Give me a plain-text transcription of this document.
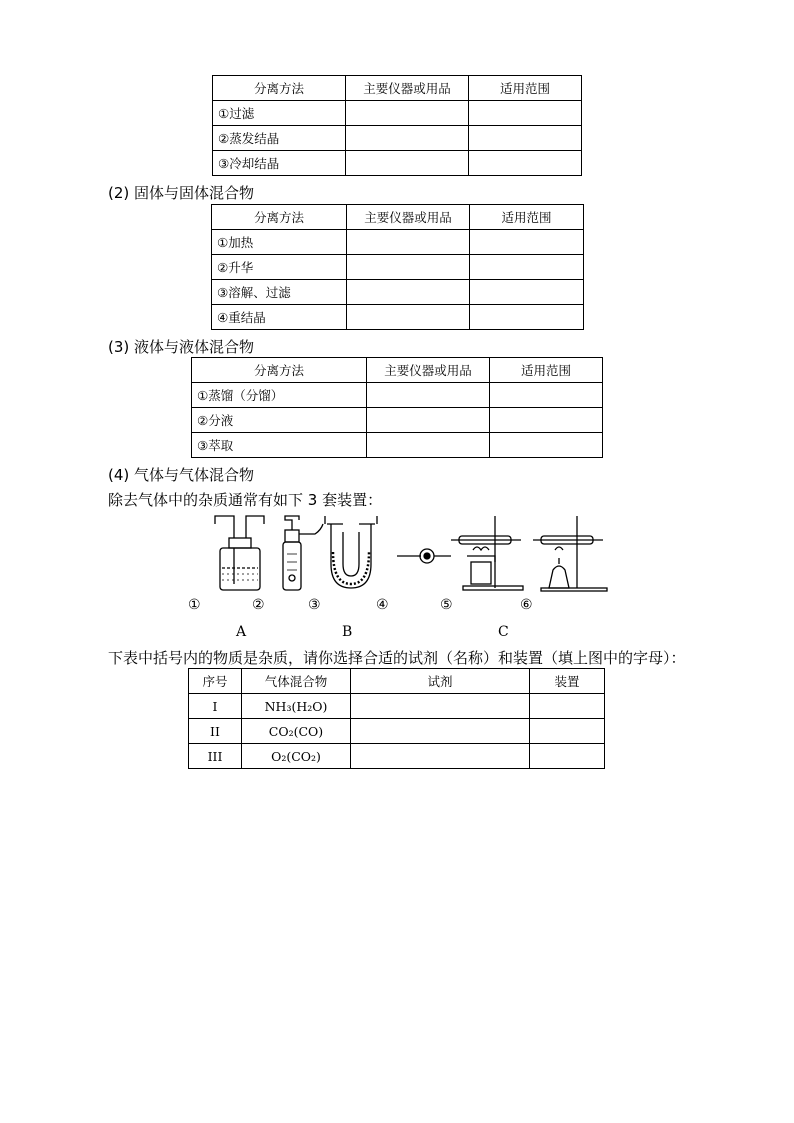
分离方法	主要仪器或用品	适用范围
①过滤		
②蒸发结晶		
③冷却结晶		
(2) 固体与固体混合物
分离方法	主要仪器或用品	适用范围
①加热		
②升华		
③溶解、过滤		
④重结晶		
(3) 液体与液体混合物
分离方法	主要仪器或用品	适用范围
①蒸馏（分馏）		
②分液		
③萃取		
(4) 气体与气体混合物
除去气体中的杂质通常有如下 3 套装置：
①	②	③	④	⑤	⑥
A	B	C
下表中括号内的物质是杂质，请你选择合适的试剂（名称）和装置（填上图中的字母）：
序号	气体混合物	试剂	装置
I	NH₃(H₂O)		
II	CO₂(CO)		
III	O₂(CO₂)		
